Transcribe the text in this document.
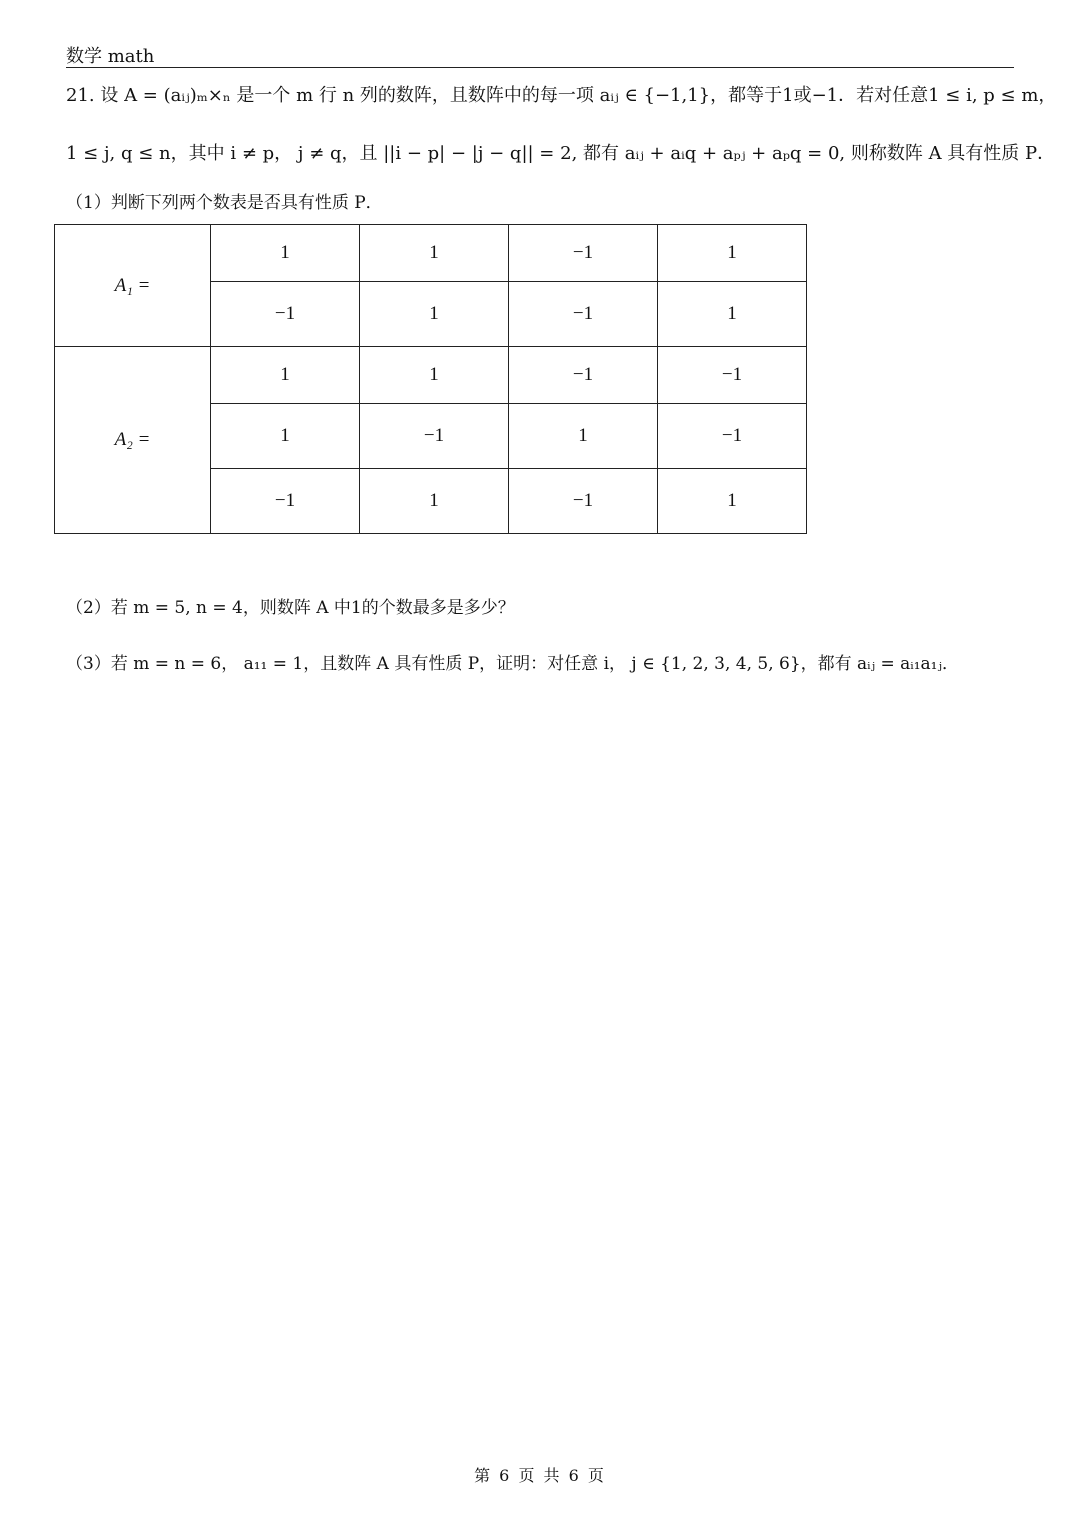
数学 math
21. 设 A = (aᵢⱼ)ₘ×ₙ 是一个 m 行 n 列的数阵，且数阵中的每一项 aᵢⱼ ∈ {−1,1}，都等于1或−1．若对任意1 ≤ i, p ≤ m，
1 ≤ j, q ≤ n，其中 i ≠ p， j ≠ q，且 ||i − p| − |j − q|| = 2, 都有 aᵢⱼ + aᵢq + aₚⱼ + aₚq = 0, 则称数阵 A 具有性质 P．
（1）判断下列两个数表是否具有性质 P．
A₁ =	1	1	−1	1
	−1	1	−1	1
A₂ =	1	1	−1	−1
	1	−1	1	−1
	−1	1	−1	1
（2）若 m = 5, n = 4，则数阵 A 中1的个数最多是多少？
（3）若 m = n = 6， a₁₁ = 1，且数阵 A 具有性质 P，证明：对任意 i， j ∈ {1, 2, 3, 4, 5, 6}，都有 aᵢⱼ = aᵢ₁a₁ⱼ．
第 6 页 共 6 页
